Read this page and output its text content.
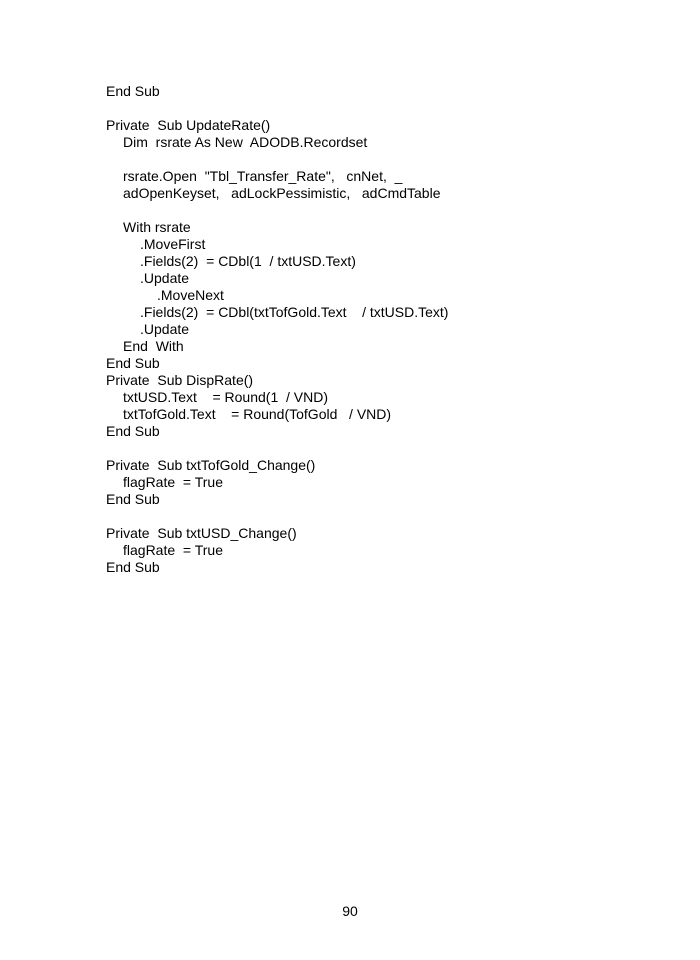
End Sub
Private  Sub UpdateRate()
Dim  rsrate As New  ADODB.Recordset
rsrate.Open  "Tbl_Transfer_Rate",   cnNet,  _
adOpenKeyset,   adLockPessimistic,   adCmdTable
With rsrate
.MoveFirst
.Fields(2)  = CDbl(1  / txtUSD.Text)
.Update
.MoveNext
.Fields(2)  = CDbl(txtTofGold.Text    / txtUSD.Text)
.Update
End  With
End Sub
Private  Sub DispRate()
txtUSD.Text    = Round(1  / VND)
txtTofGold.Text    = Round(TofGold   / VND)
End Sub
Private  Sub txtTofGold_Change()
flagRate  = True
End Sub
Private  Sub txtUSD_Change()
flagRate  = True
End Sub
90
